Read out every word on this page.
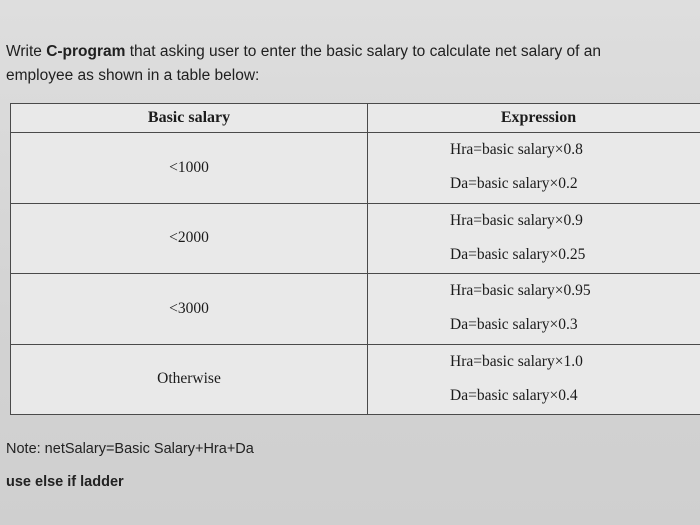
Write C-program that asking user to enter the basic salary to calculate net salary of an
employee as shown in a table below:
Basic salary	Expression
<1000	Hra=basic salary×0.8
Da=basic salary×0.2

<2000	Hra=basic salary×0.9
Da=basic salary×0.25

<3000	Hra=basic salary×0.95
Da=basic salary×0.3

Otherwise	Hra=basic salary×1.0
Da=basic salary×0.4
Note: netSalary=Basic Salary+Hra+Da
use else if ladder
